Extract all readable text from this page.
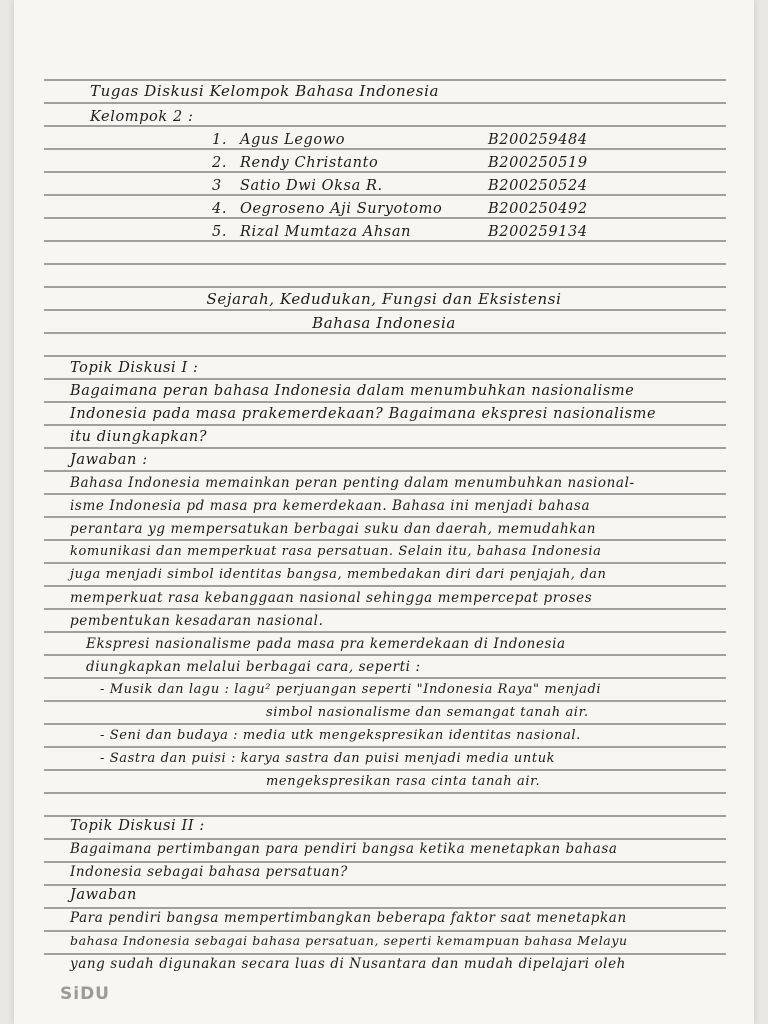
Tugas Diskusi Kelompok Bahasa Indonesia
Kelompok 2 :
1. Agus Legowo	B200259484
2. Rendy Christanto	B200250519
3 Satio Dwi Oksa R.	B200250524
4. Oegroseno Aji Suryotomo	B200250492
5. Rizal Mumtaza Ahsan	B200259134
Sejarah, Kedudukan, Fungsi dan Eksistensi
Bahasa Indonesia
Topik Diskusi I :
Bagaimana peran bahasa Indonesia dalam menumbuhkan nasionalisme
Indonesia pada masa prakemerdekaan? Bagaimana ekspresi nasionalisme
itu diungkapkan?
Jawaban :
Bahasa Indonesia memainkan peran penting dalam menumbuhkan nasional-
isme Indonesia pd masa pra kemerdekaan. Bahasa ini menjadi bahasa
perantara yg mempersatukan berbagai suku dan daerah, memudahkan
komunikasi dan memperkuat rasa persatuan. Selain itu, bahasa Indonesia
juga menjadi simbol identitas bangsa, membedakan diri dari penjajah, dan
memperkuat rasa kebanggaan nasional sehingga mempercepat proses
pembentukan kesadaran nasional.
Ekspresi nasionalisme pada masa pra kemerdekaan di Indonesia
diungkapkan melalui berbagai cara, seperti :
- Musik dan lagu : lagu² perjuangan seperti "Indonesia Raya" menjadi
simbol nasionalisme dan semangat tanah air.
- Seni dan budaya : media utk mengekspresikan identitas nasional.
- Sastra dan puisi : karya sastra dan puisi menjadi media untuk
mengekspresikan rasa cinta tanah air.
Topik Diskusi II :
Bagaimana pertimbangan para pendiri bangsa ketika menetapkan bahasa
Indonesia sebagai bahasa persatuan?
Jawaban
Para pendiri bangsa mempertimbangkan beberapa faktor saat menetapkan
bahasa Indonesia sebagai bahasa persatuan, seperti kemampuan bahasa Melayu
yang sudah digunakan secara luas di Nusantara dan mudah dipelajari oleh
SiDU
